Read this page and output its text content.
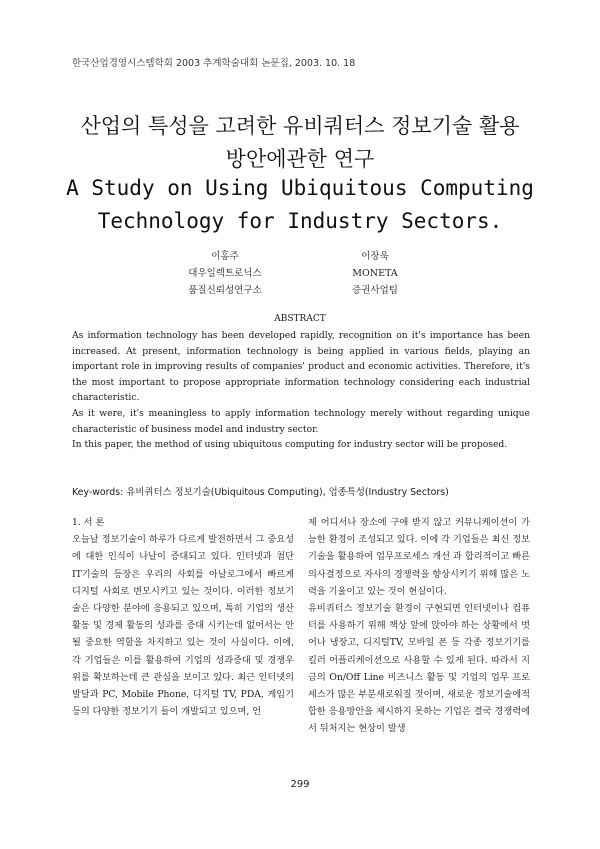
한국산업경영시스템학회 2003 추계학술대회 논문집, 2003. 10. 18
산업의 특성을 고려한 유비쿼터스 정보기술 활용
방안에관한 연구
A Study on Using Ubiquitous Computing
Technology for Industry Sectors.
이홍주
대우일렉트로닉스
품질신뢰성연구소
이장욱
MONETA
증권사업팀
ABSTRACT

As information technology has been developed rapidly, recognition on it's importance has been increased. At present, information technology is being applied in various fields, playing an important role in improving results of companies' product and economic activities. Therefore, it's the most important to propose appropriate information technology considering each industrial characteristic.

As it were, it's meaningless to apply information technology merely without regarding unique characteristic of business model and industry sector.

In this paper, the method of using ubiquitous computing for industry sector will be proposed.

Key-words: 유비쿼터스 정보기술(Ubiquitous Computing), 업종특성(Industry Sectors)

1. 서 론

오늘날 정보기술이 하루가 다르게 발전하면서 그 중요성에 대한 인식이 나날이 증대되고 있다. 인터넷과 첨단 IT기술의 등장은 우리의 사회를 아날로그에서 빠르게 디지털 사회로 변모시키고 있는 것이다. 이러한 정보기술은 다양한 분야에 응용되고 있으며, 특히 기업의 생산활동 및 경제 활동의 성과를 증대 시키는데 없어서는 안될 중요한 역할을 차지하고 있는 것이 사실이다. 이에, 각 기업들은 이를 활용하여 기업의 성과증대 및 경쟁우위를 확보하는데 큰 관심을 보이고 있다. 최근 인터넷의 발달과 PC, Mobile Phone, 디지털 TV, PDA, 게임기 등의 다양한 정보기기 들이 개발되고 있으며, 언

제 어디서나 장소에 구애 받지 않고 커뮤니케이션이 가능한 환경이 조성되고 있다. 이에 각 기업들은 최신 정보기술을 활용하여 업무프로세스 개선 과 합리적이고 빠른 의사결정으로 자사의 경쟁력을 향상시키기 위해 많은 노력을 기울이고 있는 것이 현실이다.

유비쿼터스 정보기술 환경이 구현되면 인터넷이나 컴퓨터를 사용하기 위해 책상 앞에 앉아야 하는 상황에서 벗어나 냉장고, 디지털TV, 모바일 폰 등 각종 정보기기를 킬러 어플리케이션으로 사용할 수 있게 된다. 따라서 지금의 On/Off Line 비즈니스 활동 및 기업의 업무 프로세스가 많은 부분새로워질 것이며, 새로운 정보기술에적합한 응용방안을 제시하지 못하는 기업은 결국 경쟁력에서 뒤처지는 현상이 발생

299
